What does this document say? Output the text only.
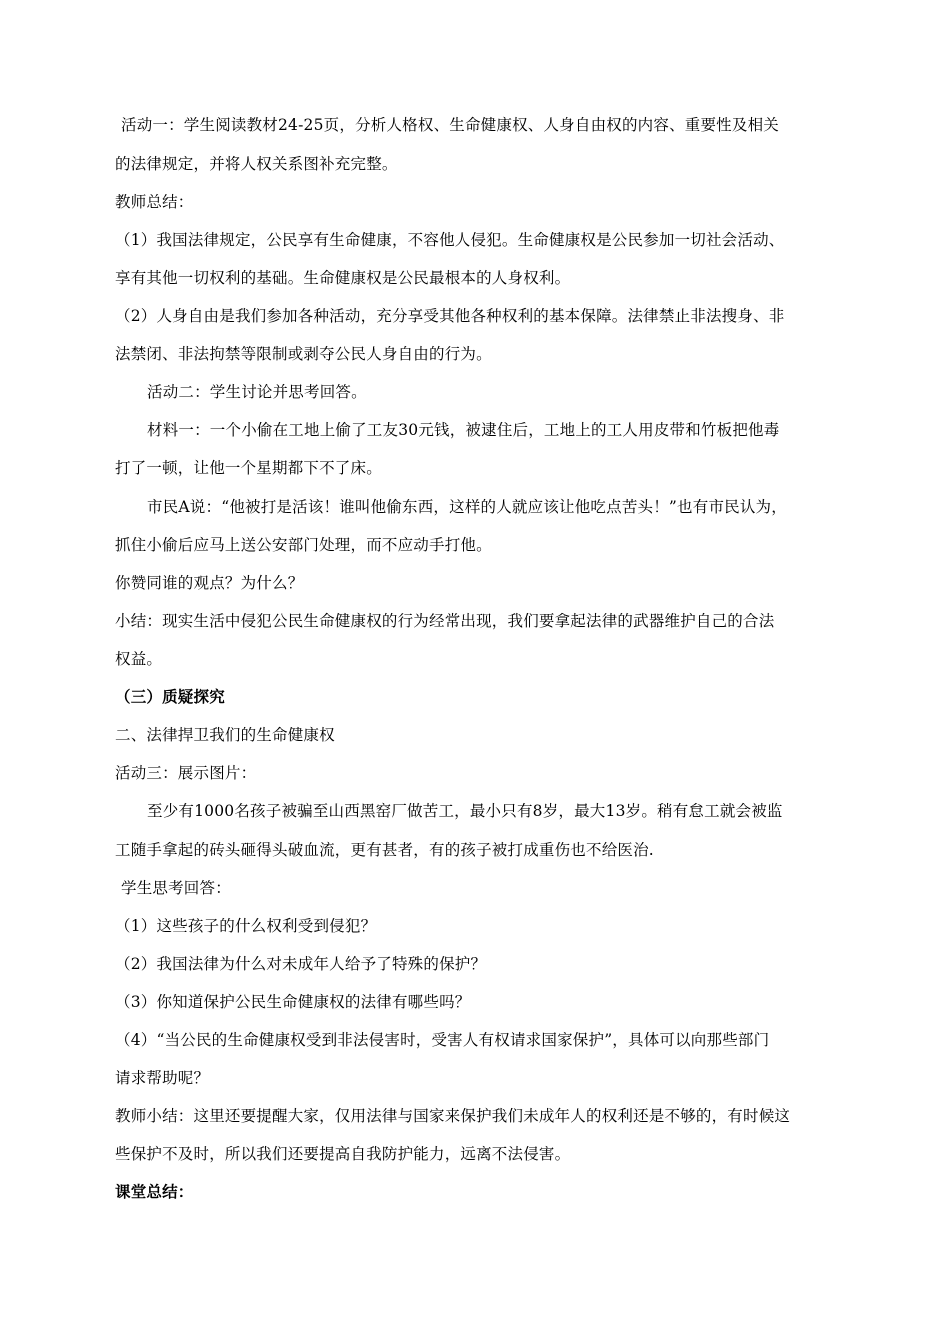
活动一：学生阅读教材24-25页，分析人格权、生命健康权、人身自由权的内容、重要性及相关
的法律规定，并将人权关系图补充完整。
教师总结：
（1）我国法律规定，公民享有生命健康，不容他人侵犯。生命健康权是公民参加一切社会活动、
享有其他一切权利的基础。生命健康权是公民最根本的人身权利。
（2）人身自由是我们参加各种活动，充分享受其他各种权利的基本保障。法律禁止非法搜身、非
法禁闭、非法拘禁等限制或剥夺公民人身自由的行为。
活动二：学生讨论并思考回答。
材料一：一个小偷在工地上偷了工友30元钱，被逮住后，工地上的工人用皮带和竹板把他毒
打了一顿，让他一个星期都下不了床。
市民A说：“他被打是活该！谁叫他偷东西，这样的人就应该让他吃点苦头！”也有市民认为，
抓住小偷后应马上送公安部门处理，而不应动手打他。
你赞同谁的观点？为什么？
小结：现实生活中侵犯公民生命健康权的行为经常出现，我们要拿起法律的武器维护自己的合法
权益。
（三）质疑探究
二、法律捍卫我们的生命健康权
活动三：展示图片：
至少有1000名孩子被骗至山西黑窑厂做苦工，最小只有8岁，最大13岁。稍有怠工就会被监
工随手拿起的砖头砸得头破血流，更有甚者，有的孩子被打成重伤也不给医治.
学生思考回答：
（1）这些孩子的什么权利受到侵犯？
（2）我国法律为什么对未成年人给予了特殊的保护？
（3）你知道保护公民生命健康权的法律有哪些吗？
（4）“当公民的生命健康权受到非法侵害时，受害人有权请求国家保护”，具体可以向那些部门
请求帮助呢？
教师小结：这里还要提醒大家，仅用法律与国家来保护我们未成年人的权利还是不够的，有时候这
些保护不及时，所以我们还要提高自我防护能力，远离不法侵害。
课堂总结：
